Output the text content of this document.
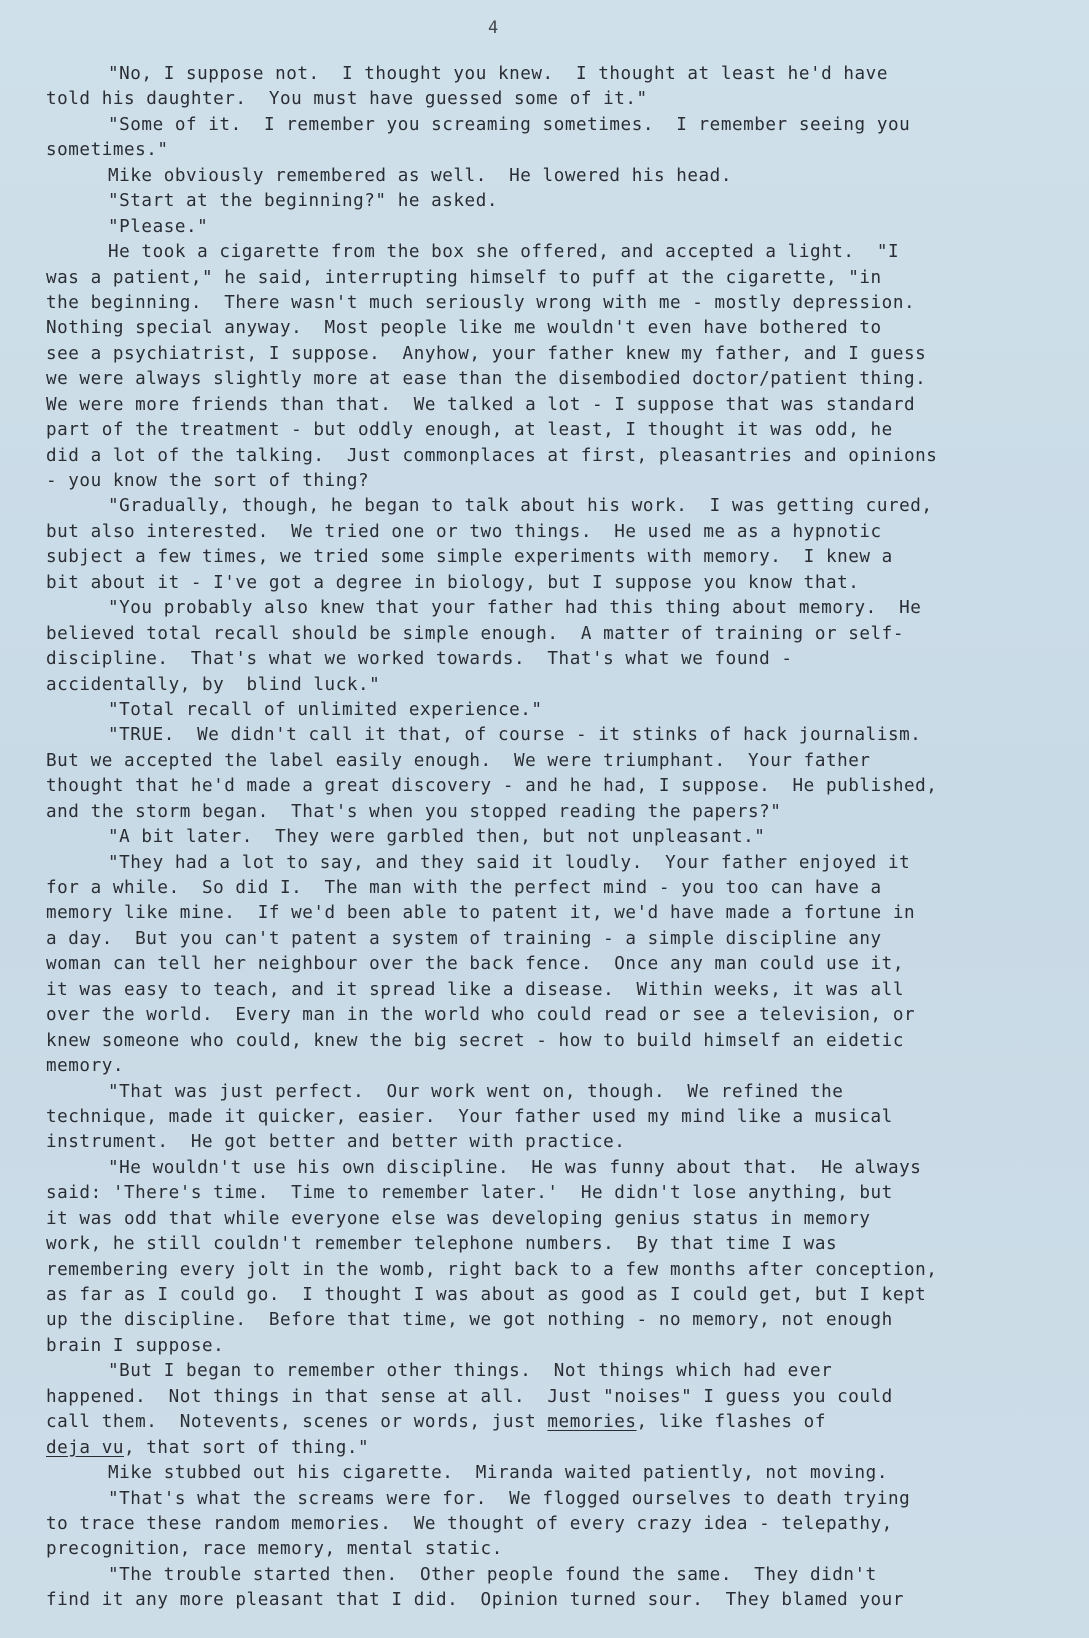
4
"No, I suppose not.  I thought you knew.  I thought at least he'd have
told his daughter.  You must have guessed some of it."
"Some of it.  I remember you screaming sometimes.  I remember seeing you
sometimes."
Mike obviously remembered as well.  He lowered his head.
"Start at the beginning?" he asked.
"Please."
He took a cigarette from the box she offered, and accepted a light.  "I
was a patient," he said, interrupting himself to puff at the cigarette, "in
the beginning.  There wasn't much seriously wrong with me - mostly depression.
Nothing special anyway.  Most people like me wouldn't even have bothered to
see a psychiatrist, I suppose.  Anyhow, your father knew my father, and I guess
we were always slightly more at ease than the disembodied doctor/patient thing.
We were more friends than that.  We talked a lot - I suppose that was standard
part of the treatment - but oddly enough, at least, I thought it was odd, he
did a lot of the talking.  Just commonplaces at first, pleasantries and opinions
- you know the sort of thing?
"Gradually, though, he began to talk about his work.  I was getting cured,
but also interested.  We tried one or two things.  He used me as a hypnotic
subject a few times, we tried some simple experiments with memory.  I knew a
bit about it - I've got a degree in biology, but I suppose you know that.
"You probably also knew that your father had this thing about memory.  He
believed total recall should be simple enough.  A matter of training or self-
discipline.  That's what we worked towards.  That's what we found -
accidentally, by  blind luck."
"Total recall of unlimited experience."
"TRUE.  We didn't call it that, of course - it stinks of hack journalism.
But we accepted the label easily enough.  We were triumphant.  Your father
thought that he'd made a great discovery - and he had, I suppose.  He published,
and the storm began.  That's when you stopped reading the papers?"
"A bit later.  They were garbled then, but not unpleasant."
"They had a lot to say, and they said it loudly.  Your father enjoyed it
for a while.  So did I.  The man with the perfect mind - you too can have a
memory like mine.  If we'd been able to patent it, we'd have made a fortune in
a day.  But you can't patent a system of training - a simple discipline any
woman can tell her neighbour over the back fence.  Once any man could use it,
it was easy to teach, and it spread like a disease.  Within weeks, it was all
over the world.  Every man in the world who could read or see a television, or
knew someone who could, knew the big secret - how to build himself an eidetic
memory.
"That was just perfect.  Our work went on, though.  We refined the
technique, made it quicker, easier.  Your father used my mind like a musical
instrument.  He got better and better with practice.
"He wouldn't use his own discipline.  He was funny about that.  He always
said: 'There's time.  Time to remember later.'  He didn't lose anything, but
it was odd that while everyone else was developing genius status in memory
work, he still couldn't remember telephone numbers.  By that time I was
remembering every jolt in the womb, right back to a few months after conception,
as far as I could go.  I thought I was about as good as I could get, but I kept
up the discipline.  Before that time, we got nothing - no memory, not enough
brain I suppose.
"But I began to remember other things.  Not things which had ever
happened.  Not things in that sense at all.  Just "noises" I guess you could
call them.  Notevents, scenes or words, just memories, like flashes of
deja vu, that sort of thing."
Mike stubbed out his cigarette.  Miranda waited patiently, not moving.
"That's what the screams were for.  We flogged ourselves to death trying
to trace these random memories.  We thought of every crazy idea - telepathy,
precognition, race memory, mental static.
"The trouble started then.  Other people found the same.  They didn't
find it any more pleasant that I did.  Opinion turned sour.  They blamed your
